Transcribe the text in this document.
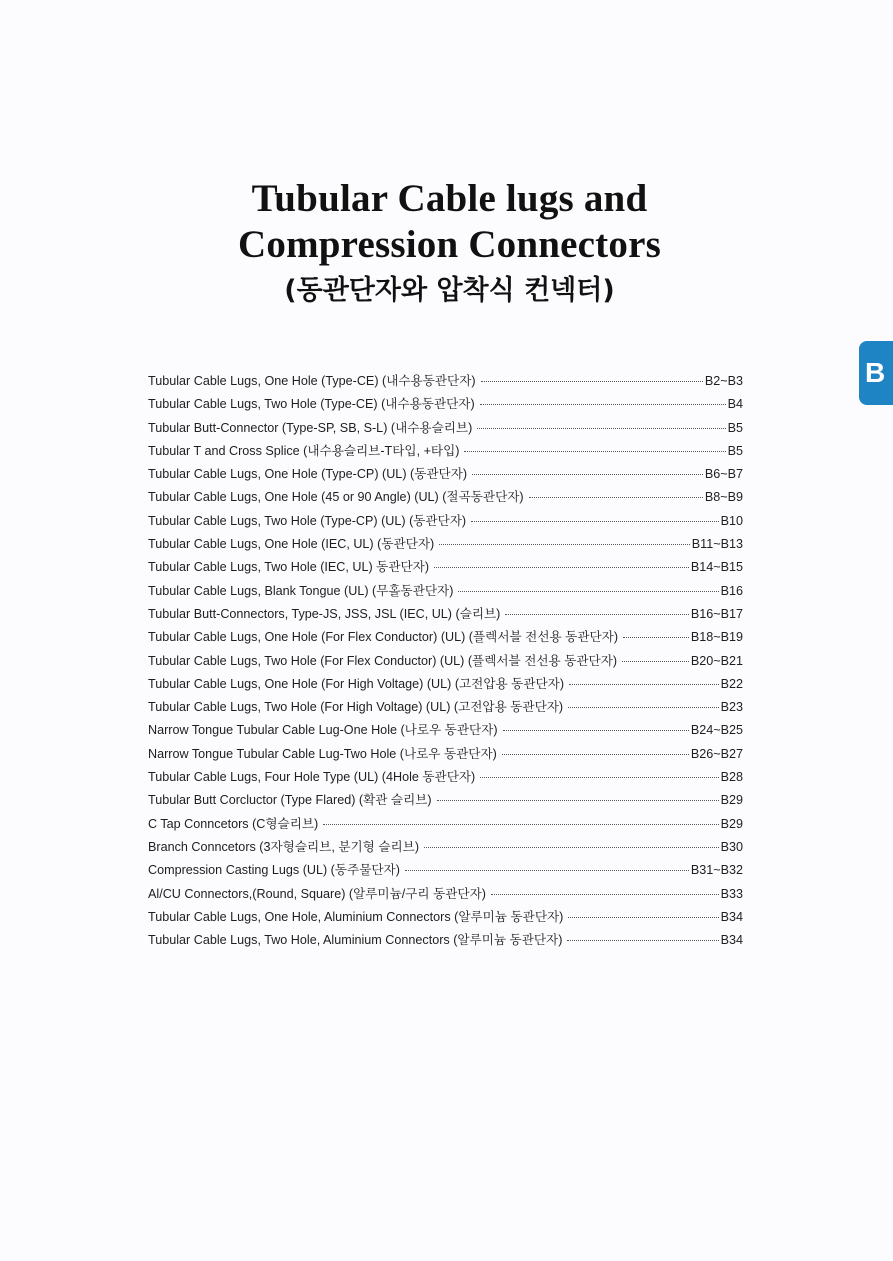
Tubular Cable lugs and
Compression Connectors
(동관단자와 압착식 컨넥터)
B
Tubular Cable Lugs, One Hole (Type-CE) (내수용동관단자)	B2~B3
Tubular Cable Lugs, Two Hole (Type-CE) (내수용동관단자)	B4
Tubular Butt-Connector (Type-SP, SB, S-L) (내수용슬리브)	B5
Tubular T and Cross Splice (내수용슬리브-T타입, +타입)	B5
Tubular Cable Lugs, One Hole (Type-CP) (UL) (동관단자)	B6~B7
Tubular Cable Lugs, One Hole (45 or 90 Angle) (UL) (절곡동관단자)	B8~B9
Tubular Cable Lugs, Two Hole (Type-CP) (UL) (동관단자)	B10
Tubular Cable Lugs, One Hole (IEC, UL) (동관단자)	B11~B13
Tubular Cable Lugs, Two Hole (IEC, UL) 동관단자)	B14~B15
Tubular Cable Lugs, Blank Tongue (UL) (무홀동관단자)	B16
Tubular Butt-Connectors, Type-JS, JSS, JSL (IEC, UL) (슬리브)	B16~B17
Tubular Cable Lugs, One Hole (For Flex Conductor) (UL) (플렉서블 전선용 동관단자)	B18~B19
Tubular Cable Lugs, Two Hole (For Flex Conductor) (UL) (플렉서블 전선용 동관단자)	B20~B21
Tubular Cable Lugs, One Hole (For High Voltage) (UL) (고전압용 동관단자)	B22
Tubular Cable Lugs, Two Hole (For High Voltage) (UL) (고전압용 동관단자)	B23
Narrow Tongue Tubular Cable Lug-One Hole (나로우 동관단자)	B24~B25
Narrow Tongue Tubular Cable Lug-Two Hole (나로우 동관단자)	B26~B27
Tubular Cable Lugs, Four Hole Type (UL) (4Hole 동관단자)	B28
Tubular Butt Corcluctor (Type Flared) (확관 슬리브)	B29
C Tap Conncetors (C형슬리브)	B29
Branch Conncetors (3자형슬리브, 분기형 슬리브)	B30
Compression Casting Lugs (UL) (동주물단자)	B31~B32
Al/CU Connectors,(Round, Square) (알루미늄/구리 동관단자)	B33
Tubular Cable Lugs, One Hole, Aluminium Connectors (알루미늄 동관단자)	B34
Tubular Cable Lugs, Two Hole, Aluminium Connectors (알루미늄 동관단자)	B34
